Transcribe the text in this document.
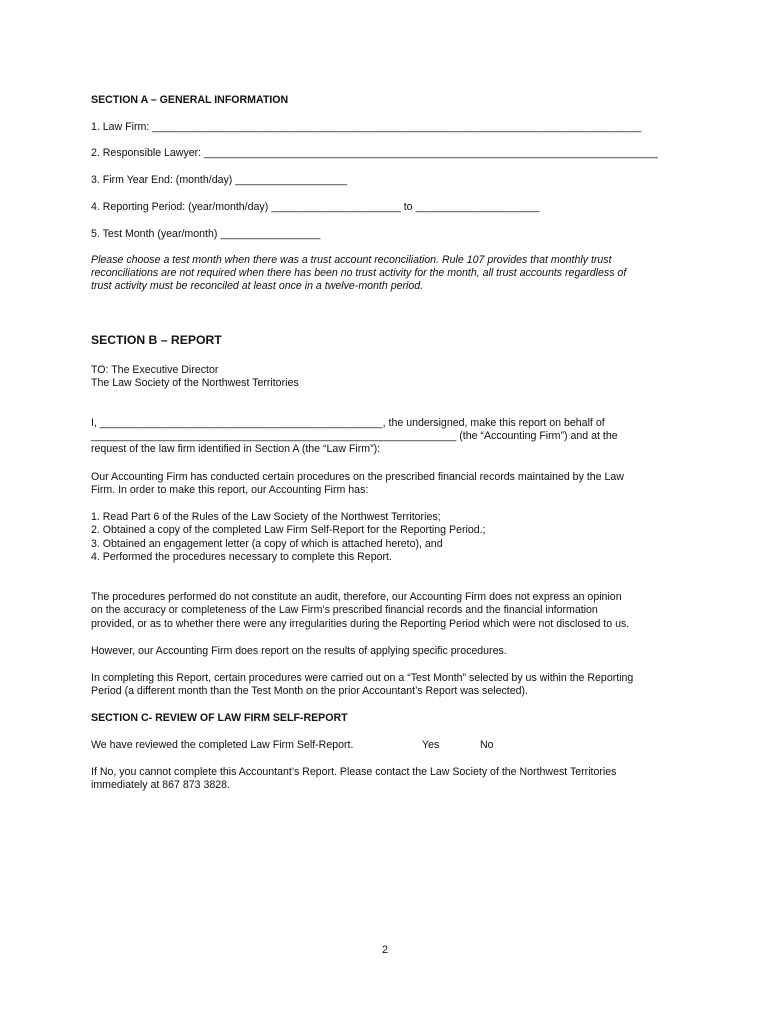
SECTION A – GENERAL INFORMATION
1. Law Firm: ___________________________________________________________________________________
2. Responsible Lawyer: _____________________________________________________________________________
3. Firm Year End: (month/day) ___________________
4. Reporting Period: (year/month/day) ______________________ to _____________________
5. Test Month (year/month) _________________
Please choose a test month when there was a trust account reconciliation. Rule 107 provides that monthly trust
reconciliations are not required when there has been no trust activity for the month, all trust accounts regardless of
trust activity must be reconciled at least once in a twelve-month period.
SECTION B – REPORT
TO: The Executive Director
The Law Society of the Northwest Territories
I, ________________________________________________, the undersigned, make this report on behalf of
______________________________________________________________ (the “Accounting Firm”) and at the
request of the law firm identified in Section A (the “Law Firm”):
Our Accounting Firm has conducted certain procedures on the prescribed financial records maintained by the Law
Firm. In order to make this report, our Accounting Firm has:
1. Read Part 6 of the Rules of the Law Society of the Northwest Territories;
2. Obtained a copy of the completed Law Firm Self-Report for the Reporting Period.;
3. Obtained an engagement letter (a copy of which is attached hereto), and
4. Performed the procedures necessary to complete this Report.
The procedures performed do not constitute an audit, therefore, our Accounting Firm does not express an opinion
on the accuracy or completeness of the Law Firm’s prescribed financial records and the financial information
provided, or as to whether there were any irregularities during the Reporting Period which were not disclosed to us.
However, our Accounting Firm does report on the results of applying specific procedures.
In completing this Report, certain procedures were carried out on a “Test Month” selected by us within the Reporting
Period (a different month than the Test Month on the prior Accountant’s Report was selected).
SECTION C- REVIEW OF LAW FIRM SELF-REPORT
We have reviewed the completed Law Firm Self-Report.	Yes	No
If No, you cannot complete this Accountant’s Report. Please contact the Law Society of the Northwest Territories
immediately at 867 873 3828.
2
